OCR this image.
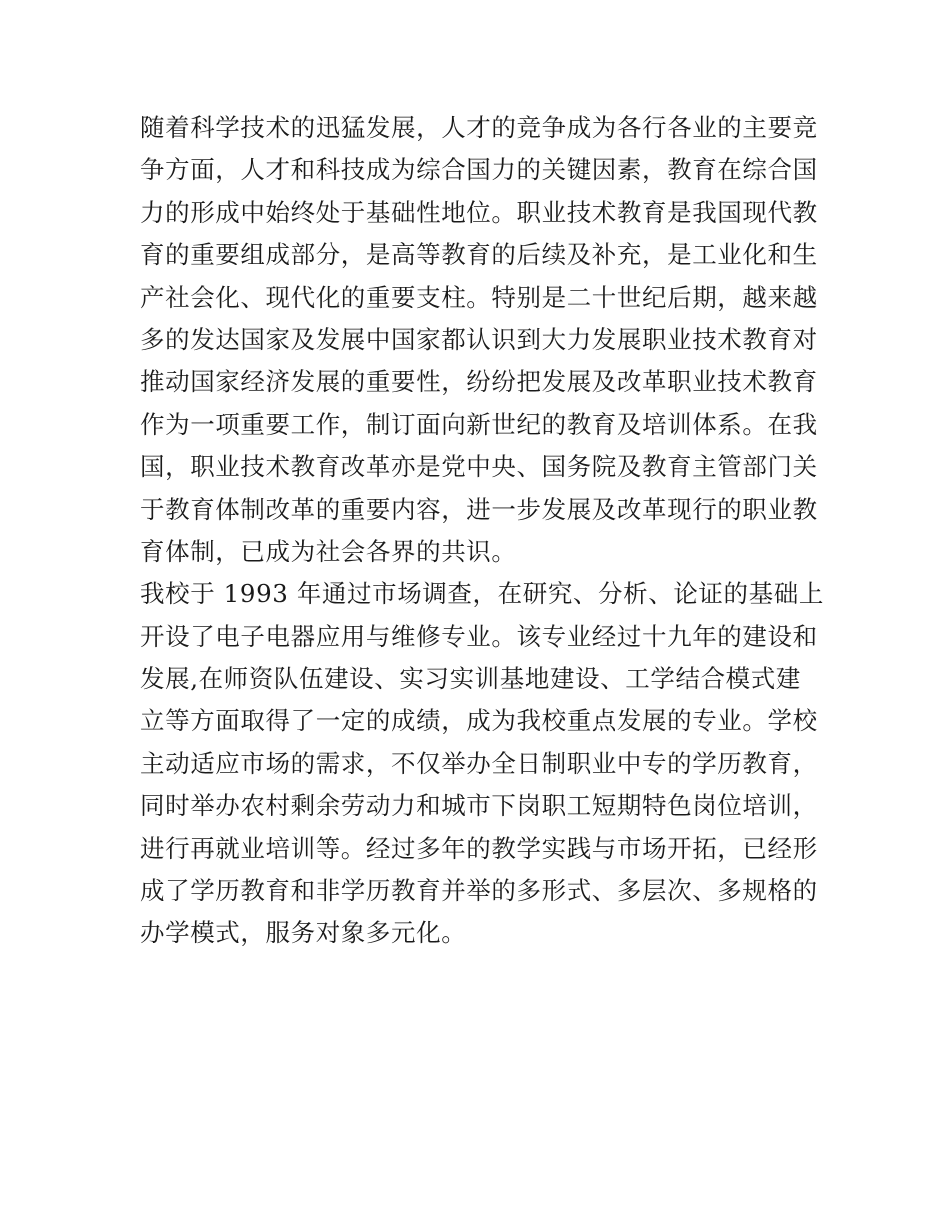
随着科学技术的迅猛发展，人才的竞争成为各行各业的主要竞
争方面，人才和科技成为综合国力的关键因素，教育在综合国
力的形成中始终处于基础性地位。职业技术教育是我国现代教
育的重要组成部分，是高等教育的后续及补充，是工业化和生
产社会化、现代化的重要支柱。特别是二十世纪后期，越来越
多的发达国家及发展中国家都认识到大力发展职业技术教育对
推动国家经济发展的重要性，纷纷把发展及改革职业技术教育
作为一项重要工作，制订面向新世纪的教育及培训体系。在我
国，职业技术教育改革亦是党中央、国务院及教育主管部门关
于教育体制改革的重要内容，进一步发展及改革现行的职业教
育体制，已成为社会各界的共识。
我校于 1993 年通过市场调查，在研究、分析、论证的基础上
开设了电子电器应用与维修专业。该专业经过十九年的建设和
发展,在师资队伍建设、实习实训基地建设、工学结合模式建
立等方面取得了一定的成绩，成为我校重点发展的专业。学校
主动适应市场的需求，不仅举办全日制职业中专的学历教育，
同时举办农村剩余劳动力和城市下岗职工短期特色岗位培训，
进行再就业培训等。经过多年的教学实践与市场开拓，已经形
成了学历教育和非学历教育并举的多形式、多层次、多规格的
办学模式，服务对象多元化。
